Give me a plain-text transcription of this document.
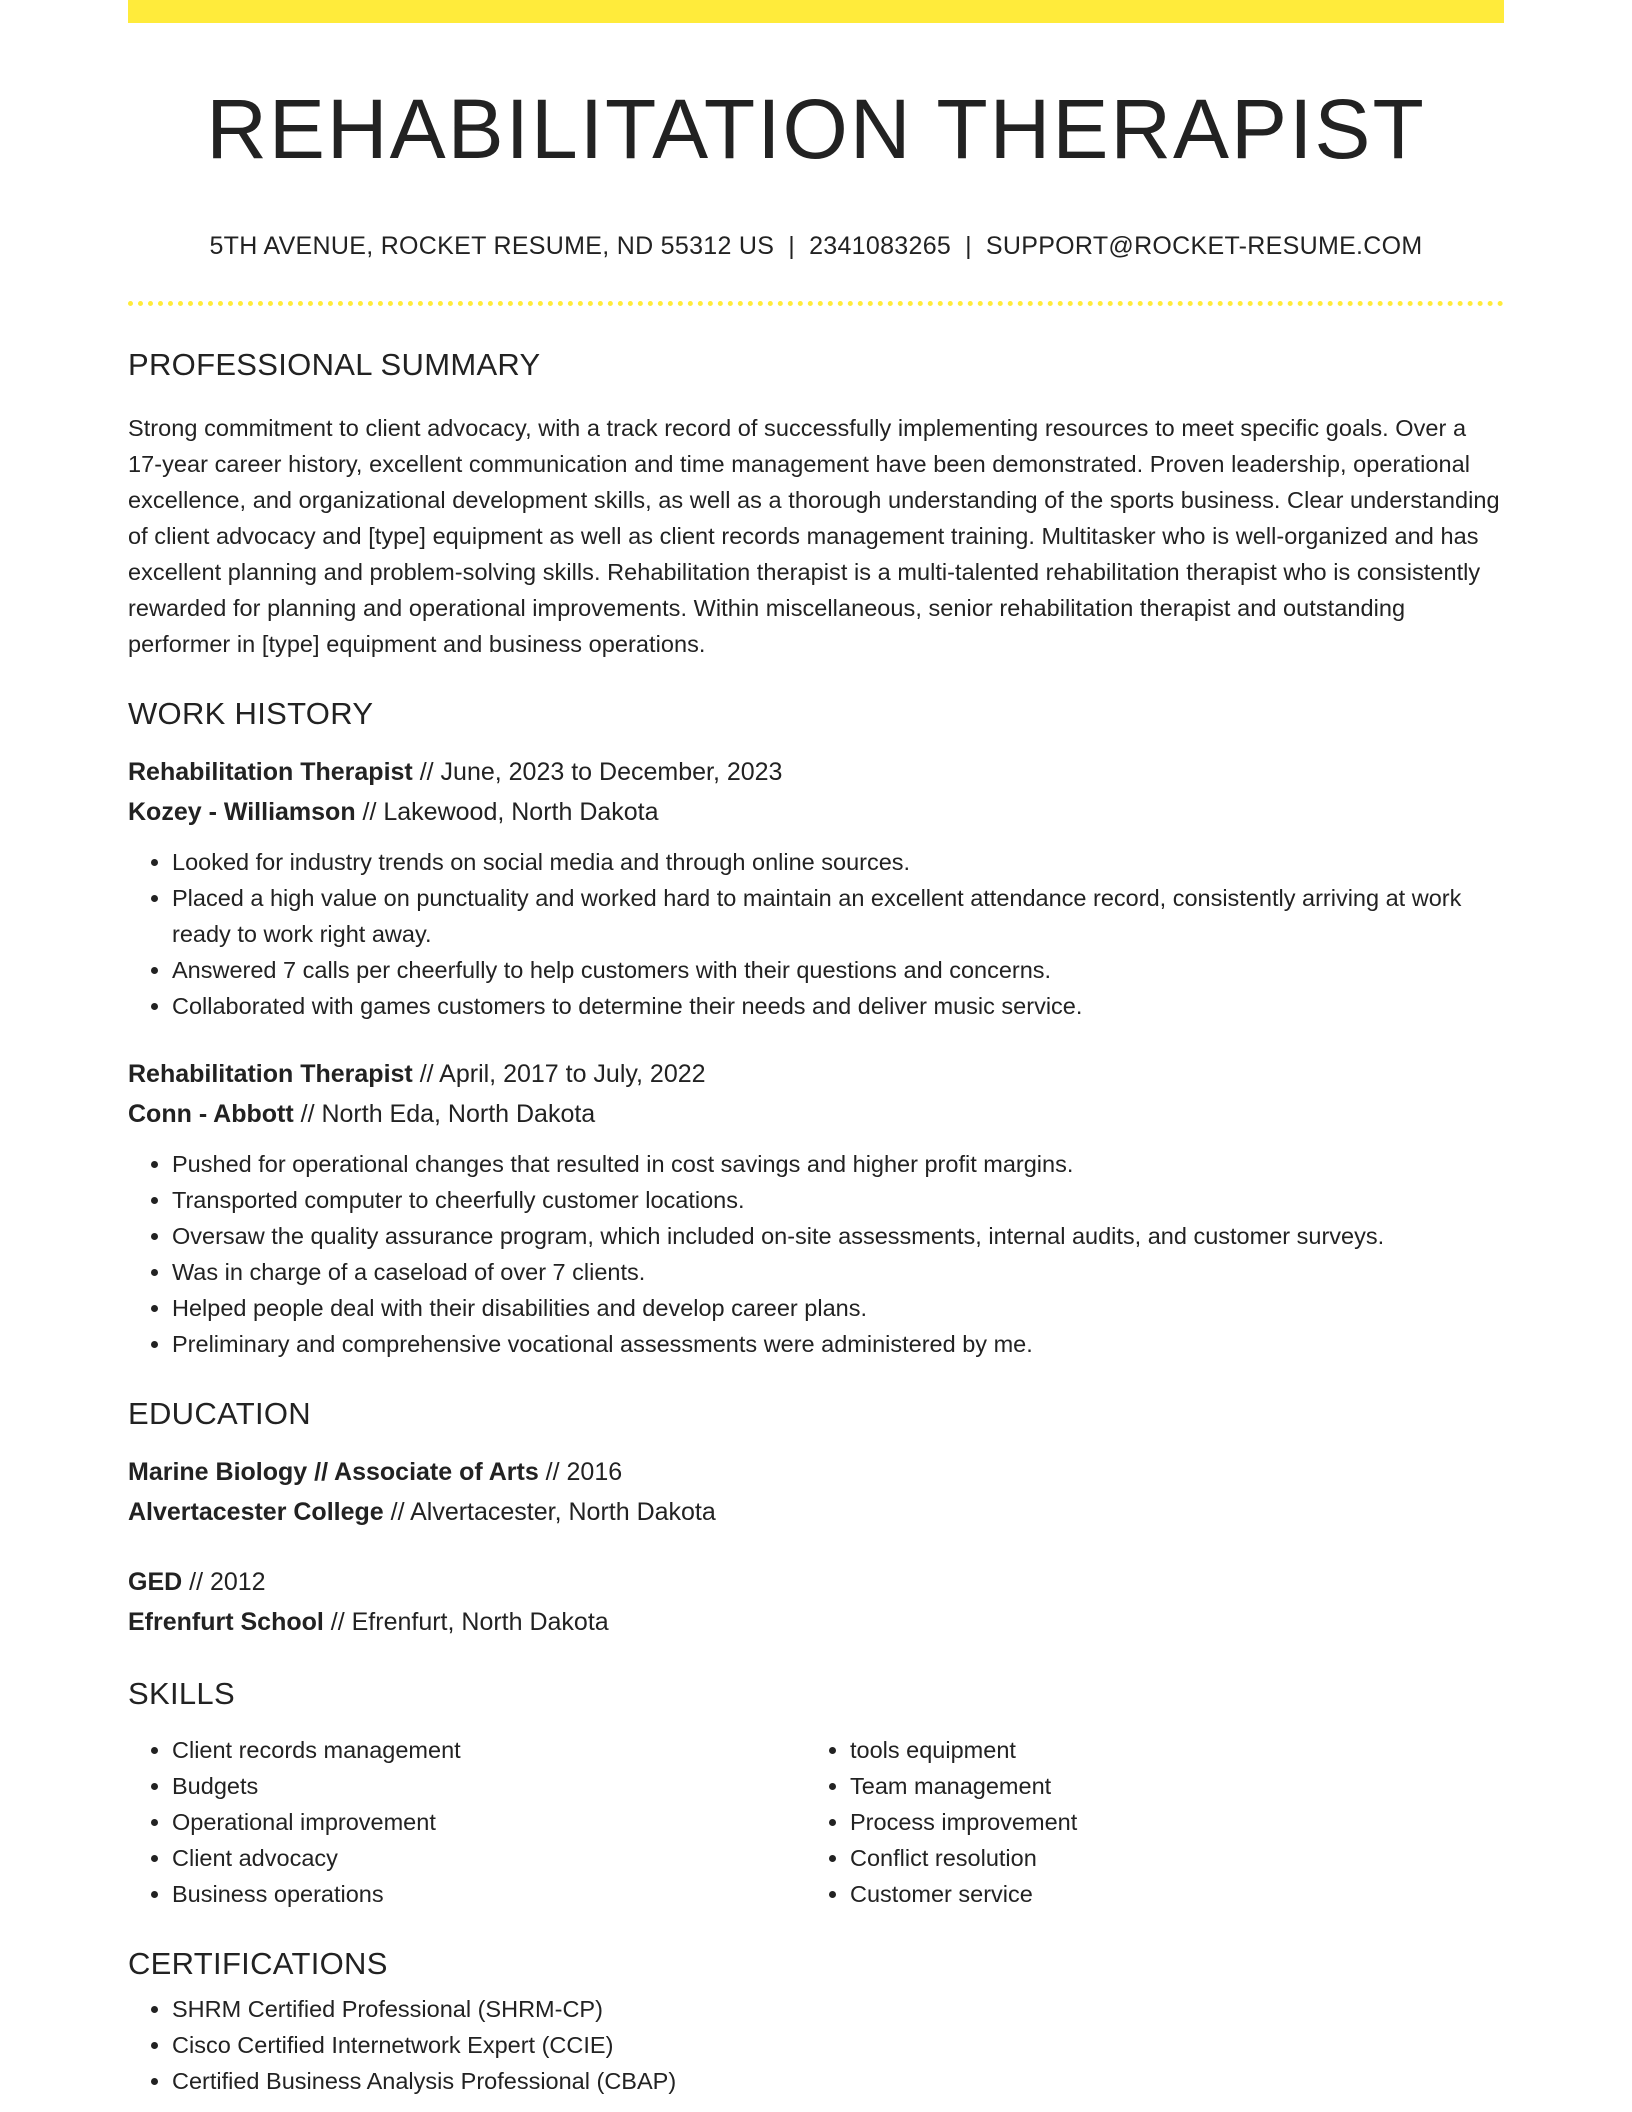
REHABILITATION THERAPIST
5TH AVENUE, ROCKET RESUME, ND 55312 US | 2341083265 | SUPPORT@ROCKET-RESUME.COM
PROFESSIONAL SUMMARY
Strong commitment to client advocacy, with a track record of successfully implementing resources to meet specific goals. Over a 17-year career history, excellent communication and time management have been demonstrated. Proven leadership, operational excellence, and organizational development skills, as well as a thorough understanding of the sports business. Clear understanding of client advocacy and [type] equipment as well as client records management training. Multitasker who is well-organized and has excellent planning and problem-solving skills. Rehabilitation therapist is a multi-talented rehabilitation therapist who is consistently rewarded for planning and operational improvements. Within miscellaneous, senior rehabilitation therapist and outstanding performer in [type] equipment and business operations.
WORK HISTORY
Rehabilitation Therapist // June, 2023 to December, 2023
Kozey - Williamson // Lakewood, North Dakota
• Looked for industry trends on social media and through online sources.
• Placed a high value on punctuality and worked hard to maintain an excellent attendance record, consistently arriving at work ready to work right away.
• Answered 7 calls per cheerfully to help customers with their questions and concerns.
• Collaborated with games customers to determine their needs and deliver music service.
Rehabilitation Therapist // April, 2017 to July, 2022
Conn - Abbott // North Eda, North Dakota
• Pushed for operational changes that resulted in cost savings and higher profit margins.
• Transported computer to cheerfully customer locations.
• Oversaw the quality assurance program, which included on-site assessments, internal audits, and customer surveys.
• Was in charge of a caseload of over 7 clients.
• Helped people deal with their disabilities and develop career plans.
• Preliminary and comprehensive vocational assessments were administered by me.
EDUCATION
Marine Biology // Associate of Arts // 2016
Alvertacester College // Alvertacester, North Dakota
GED // 2012
Efrenfurt School // Efrenfurt, North Dakota
SKILLS
• Client records management
• Budgets
• Operational improvement
• Client advocacy
• Business operations
• tools equipment
• Team management
• Process improvement
• Conflict resolution
• Customer service
CERTIFICATIONS
• SHRM Certified Professional (SHRM-CP)
• Cisco Certified Internetwork Expert (CCIE)
• Certified Business Analysis Professional (CBAP)
